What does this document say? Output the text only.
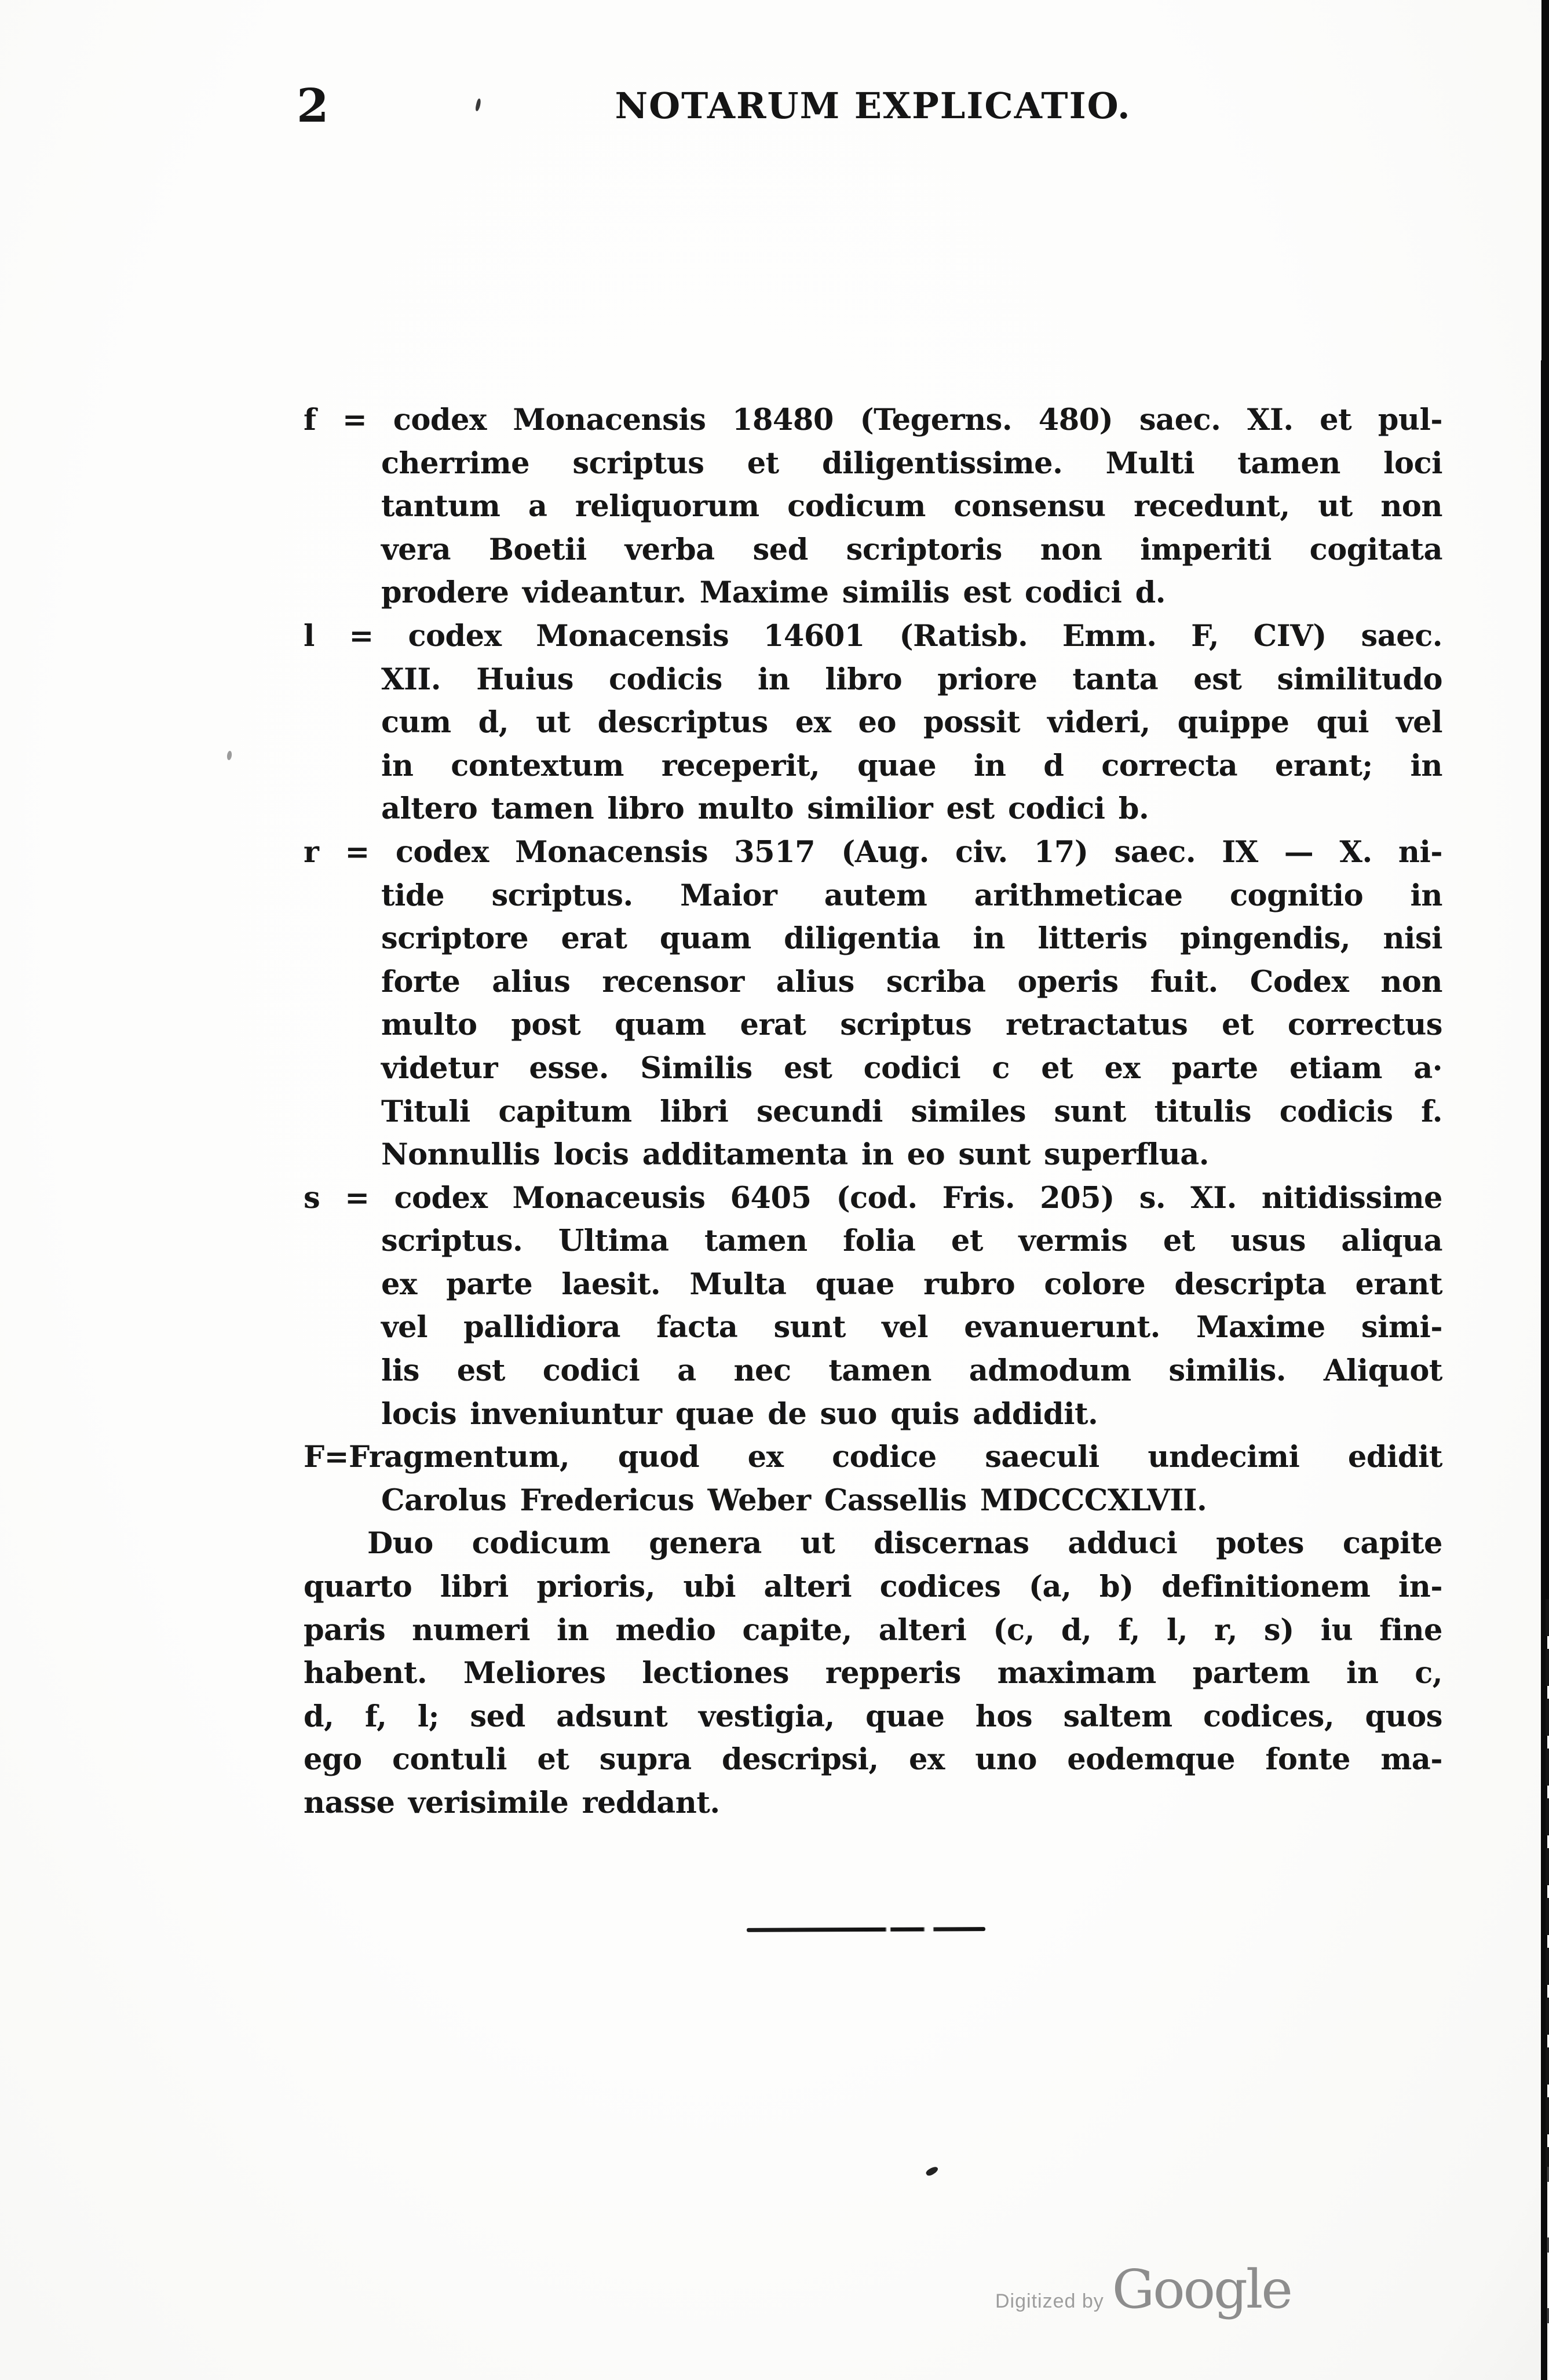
2	NOTARUM EXPLICATIO.
f = codex Monacensis 18480 (Tegerns. 480) saec. XI. et pul-
cherrime scriptus et diligentissime. Multi tamen loci
tantum a reliquorum codicum consensu recedunt, ut non
vera Boetii verba sed scriptoris non imperiti cogitata
prodere videantur. Maxime similis est codici d.
l = codex Monacensis 14601 (Ratisb. Emm. F, CIV) saec.
XII. Huius codicis in libro priore tanta est similitudo
cum d, ut descriptus ex eo possit videri, quippe qui vel
in contextum receperit, quae in d correcta erant; in
altero tamen libro multo similior est codici b.
r = codex Monacensis 3517 (Aug. civ. 17) saec. IX — X. ni-
tide scriptus. Maior autem arithmeticae cognitio in
scriptore erat quam diligentia in litteris pingendis, nisi
forte alius recensor alius scriba operis fuit. Codex non
multo post quam erat scriptus retractatus et correctus
videtur esse. Similis est codici c et ex parte etiam a·
Tituli capitum libri secundi similes sunt titulis codicis f.
Nonnullis locis additamenta in eo sunt superflua.
s = codex Monaceusis 6405 (cod. Fris. 205) s. XI. nitidissime
scriptus. Ultima tamen folia et vermis et usus aliqua
ex parte laesit. Multa quae rubro colore descripta erant
vel pallidiora facta sunt vel evanuerunt. Maxime simi-
lis est codici a nec tamen admodum similis. Aliquot
locis inveniuntur quae de suo quis addidit.
F=Fragmentum, quod ex codice saeculi undecimi edidit
Carolus Fredericus Weber Cassellis MDCCCXLVII.
Duo codicum genera ut discernas adduci potes capite
quarto libri prioris, ubi alteri codices (a, b) definitionem in-
paris numeri in medio capite, alteri (c, d, f, l, r, s) iu fine
habent. Meliores lectiones repperis maximam partem in c,
d, f, l; sed adsunt vestigia, quae hos saltem codices, quos
ego contuli et supra descripsi, ex uno eodemque fonte ma-
nasse verisimile reddant.
Digitized by Google
